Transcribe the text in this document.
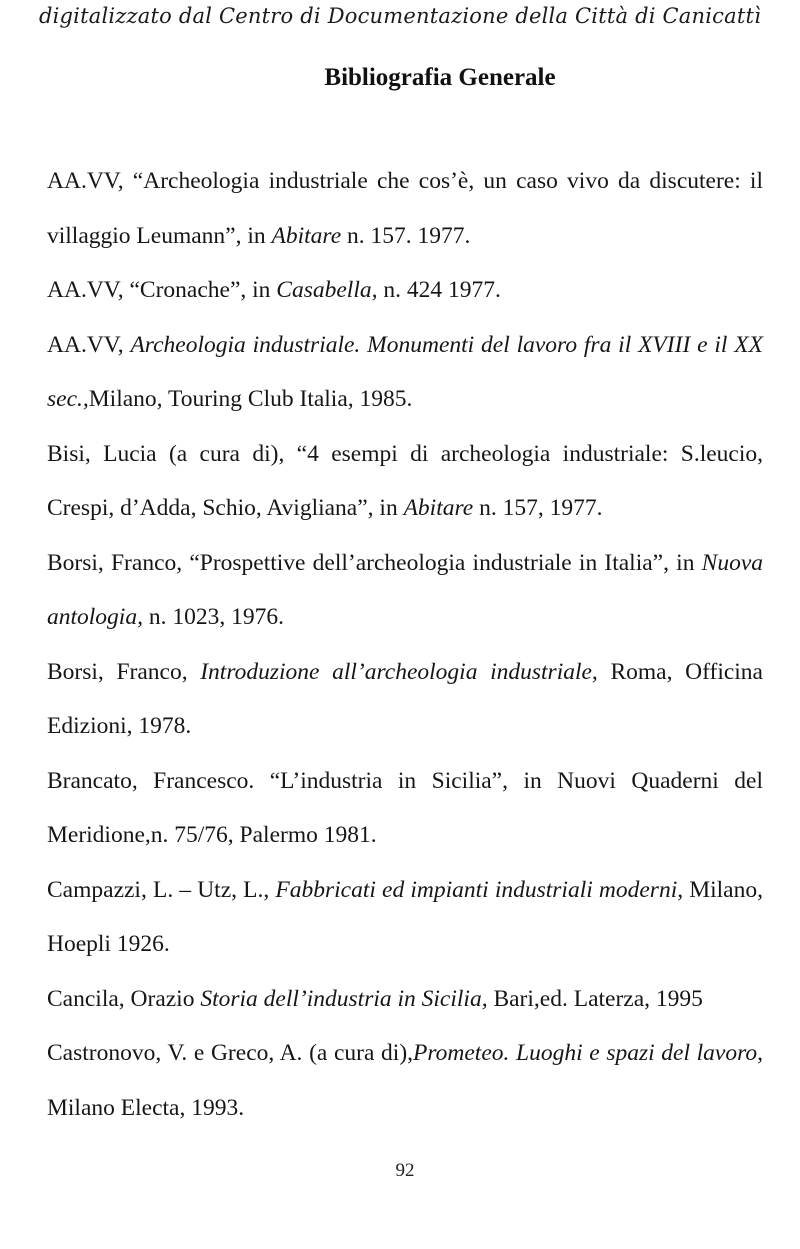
digitalizzato dal Centro di Documentazione della Città di Canicattì
Bibliografia Generale

AA.VV, “Archeologia industriale che cos’è, un caso vivo da discutere: il villaggio Leumann”, in Abitare n. 157. 1977.

AA.VV, “Cronache”, in Casabella, n. 424 1977.

AA.VV, Archeologia industriale. Monumenti del lavoro fra il XVIII e il XX sec.,Milano, Touring Club Italia, 1985.

Bisi, Lucia (a cura di), “4 esempi di archeologia industriale: S.leucio, Crespi, d’Adda, Schio, Avigliana”, in Abitare n. 157, 1977.

Borsi, Franco, “Prospettive dell’archeologia industriale in Italia”, in Nuova antologia, n. 1023, 1976.

Borsi, Franco, Introduzione all’archeologia industriale, Roma, Officina Edizioni, 1978.

Brancato, Francesco. “L’industria in Sicilia”, in Nuovi Quaderni del Meridione,n. 75/76, Palermo 1981.

Campazzi, L. – Utz, L., Fabbricati ed impianti industriali moderni, Milano, Hoepli 1926.

Cancila, Orazio Storia dell’industria in Sicilia, Bari,ed. Laterza, 1995

Castronovo, V. e Greco, A. (a cura di),Prometeo. Luoghi e spazi del lavoro, Milano Electa, 1993.

92
